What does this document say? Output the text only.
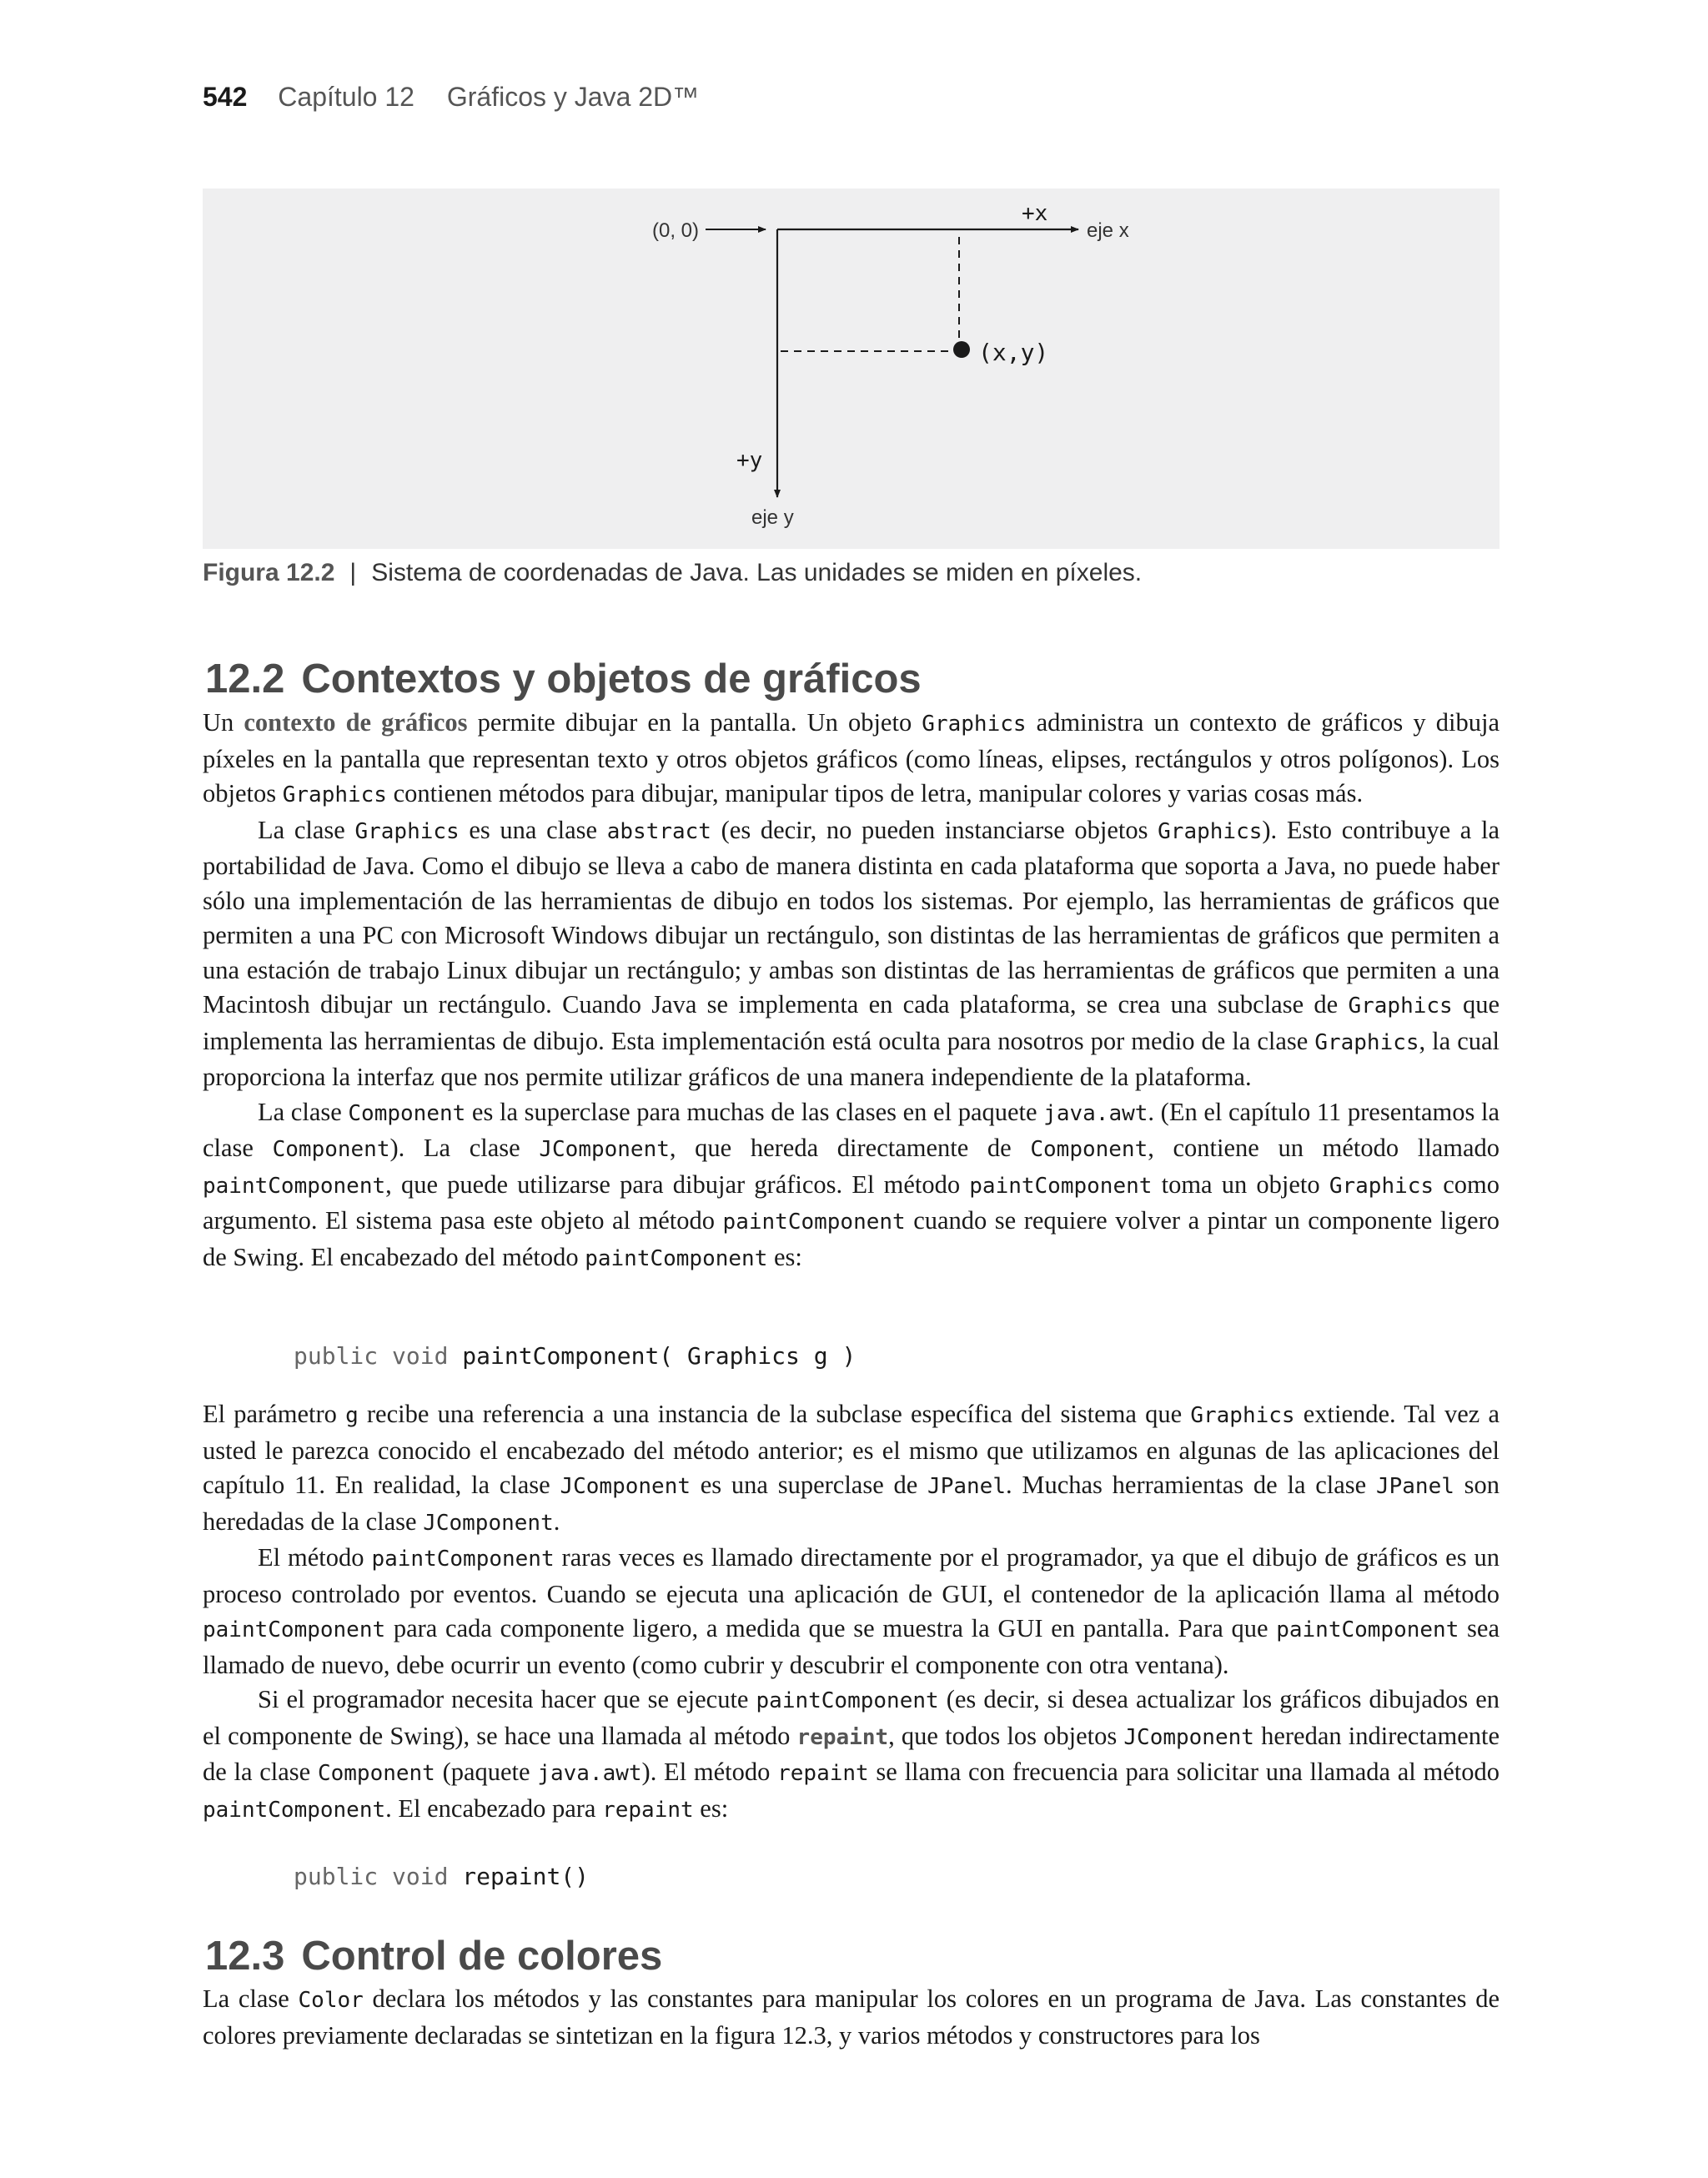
542 Capítulo 12 Gráficos y Java 2D™
(0, 0)
+x
eje x
(x,y)
+y
eje y
Figura 12.2 | Sistema de coordenadas de Java. Las unidades se miden en píxeles.
12.2 Contextos y objetos de gráficos

Un contexto de gráficos permite dibujar en la pantalla. Un objeto Graphics administra un contexto de gráficos y dibuja píxeles en la pantalla que representan texto y otros objetos gráficos (como líneas, elipses, rectángulos y otros polígonos). Los objetos Graphics contienen métodos para dibujar, manipular tipos de letra, manipular colores y varias cosas más.

La clase Graphics es una clase abstract (es decir, no pueden instanciarse objetos Graphics). Esto contribuye a la portabilidad de Java. Como el dibujo se lleva a cabo de manera distinta en cada plataforma que soporta a Java, no puede haber sólo una implementación de las herramientas de dibujo en todos los sistemas. Por ejemplo, las herramientas de gráficos que permiten a una PC con Microsoft Windows dibujar un rectángulo, son distintas de las herramientas de gráficos que permiten a una estación de trabajo Linux dibujar un rectángulo; y ambas son distintas de las herramientas de gráficos que permiten a una Macintosh dibujar un rectángulo. Cuando Java se implementa en cada plataforma, se crea una subclase de Graphics que implementa las herramientas de dibujo. Esta implementación está oculta para nosotros por medio de la clase Graphics, la cual proporciona la interfaz que nos permite utilizar gráficos de una manera independiente de la plataforma.

La clase Component es la superclase para muchas de las clases en el paquete java.awt. (En el capítulo 11 presentamos la clase Component). La clase JComponent, que hereda directamente de Component, contiene un método llamado paintComponent, que puede utilizarse para dibujar gráficos. El método paintComponent toma un objeto Graphics como argumento. El sistema pasa este objeto al método paintComponent cuando se requiere volver a pintar un componente ligero de Swing. El encabezado del método paintComponent es:

public void paintComponent( Graphics g )

El parámetro g recibe una referencia a una instancia de la subclase específica del sistema que Graphics extiende. Tal vez a usted le parezca conocido el encabezado del método anterior; es el mismo que utilizamos en algunas de las aplicaciones del capítulo 11. En realidad, la clase JComponent es una superclase de JPanel. Muchas herramientas de la clase JPanel son heredadas de la clase JComponent.

El método paintComponent raras veces es llamado directamente por el programador, ya que el dibujo de gráficos es un proceso controlado por eventos. Cuando se ejecuta una aplicación de GUI, el contenedor de la aplicación llama al método paintComponent para cada componente ligero, a medida que se muestra la GUI en pantalla. Para que paintComponent sea llamado de nuevo, debe ocurrir un evento (como cubrir y descubrir el componente con otra ventana).

Si el programador necesita hacer que se ejecute paintComponent (es decir, si desea actualizar los gráficos dibujados en el componente de Swing), se hace una llamada al método repaint, que todos los objetos JComponent heredan indirectamente de la clase Component (paquete java.awt). El método repaint se llama con frecuencia para solicitar una llamada al método paintComponent. El encabezado para repaint es:

public void repaint()
12.3 Control de colores

La clase Color declara los métodos y las constantes para manipular los colores en un programa de Java. Las constantes de colores previamente declaradas se sintetizan en la figura 12.3, y varios métodos y constructores para los
